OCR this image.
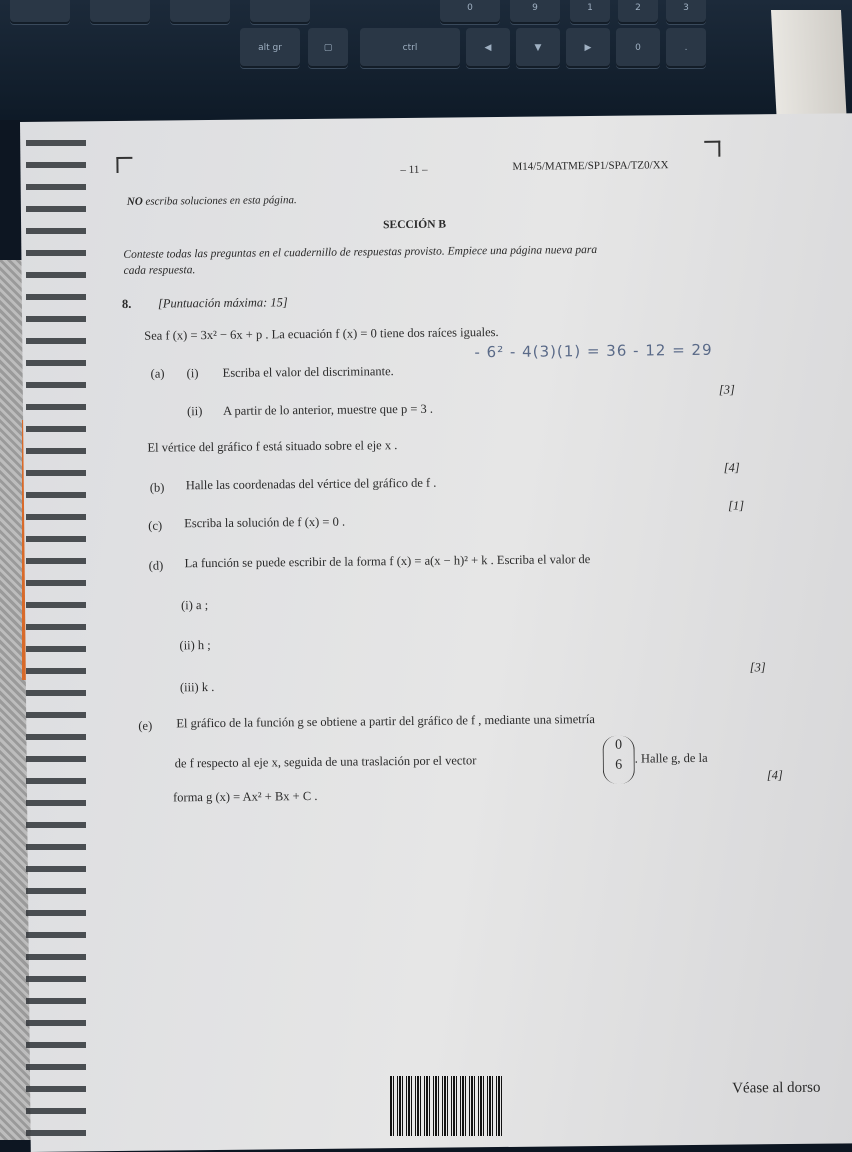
0	9	1	2	3
alt gr	▢	ctrl	◀	▼	▶	0	.
– 11 –	M14/5/MATME/SP1/SPA/TZ0/XX
NO escriba soluciones en esta página.
SECCIÓN B
Conteste todas las preguntas en el cuadernillo de respuestas provisto. Empiece una página nueva para
cada respuesta.
8. [Puntuación máxima: 15]
Sea f (x) = 3x² − 6x + p . La ecuación f (x) = 0 tiene dos raíces iguales.
(a) (i) Escriba el valor del discriminante.
- 6² - 4(3)(1) = 36 - 12 = 29
[3]
(ii) A partir de lo anterior, muestre que p = 3 .
El vértice del gráfico f está situado sobre el eje x .
(b) Halle las coordenadas del vértice del gráfico de f .
[4]
(c) Escriba la solución de f (x) = 0 .
[1]
(d) La función se puede escribir de la forma f (x) = a(x − h)² + k . Escriba el valor de
(i) a ;
(ii) h ;
(iii) k .
[3]
(e) El gráfico de la función g se obtiene a partir del gráfico de f , mediante una simetría
de f respecto al eje x, seguida de una traslación por el vector
0
6 . Halle g, de la
forma g (x) = Ax² + Bx + C .
[4]
Véase al dorso
